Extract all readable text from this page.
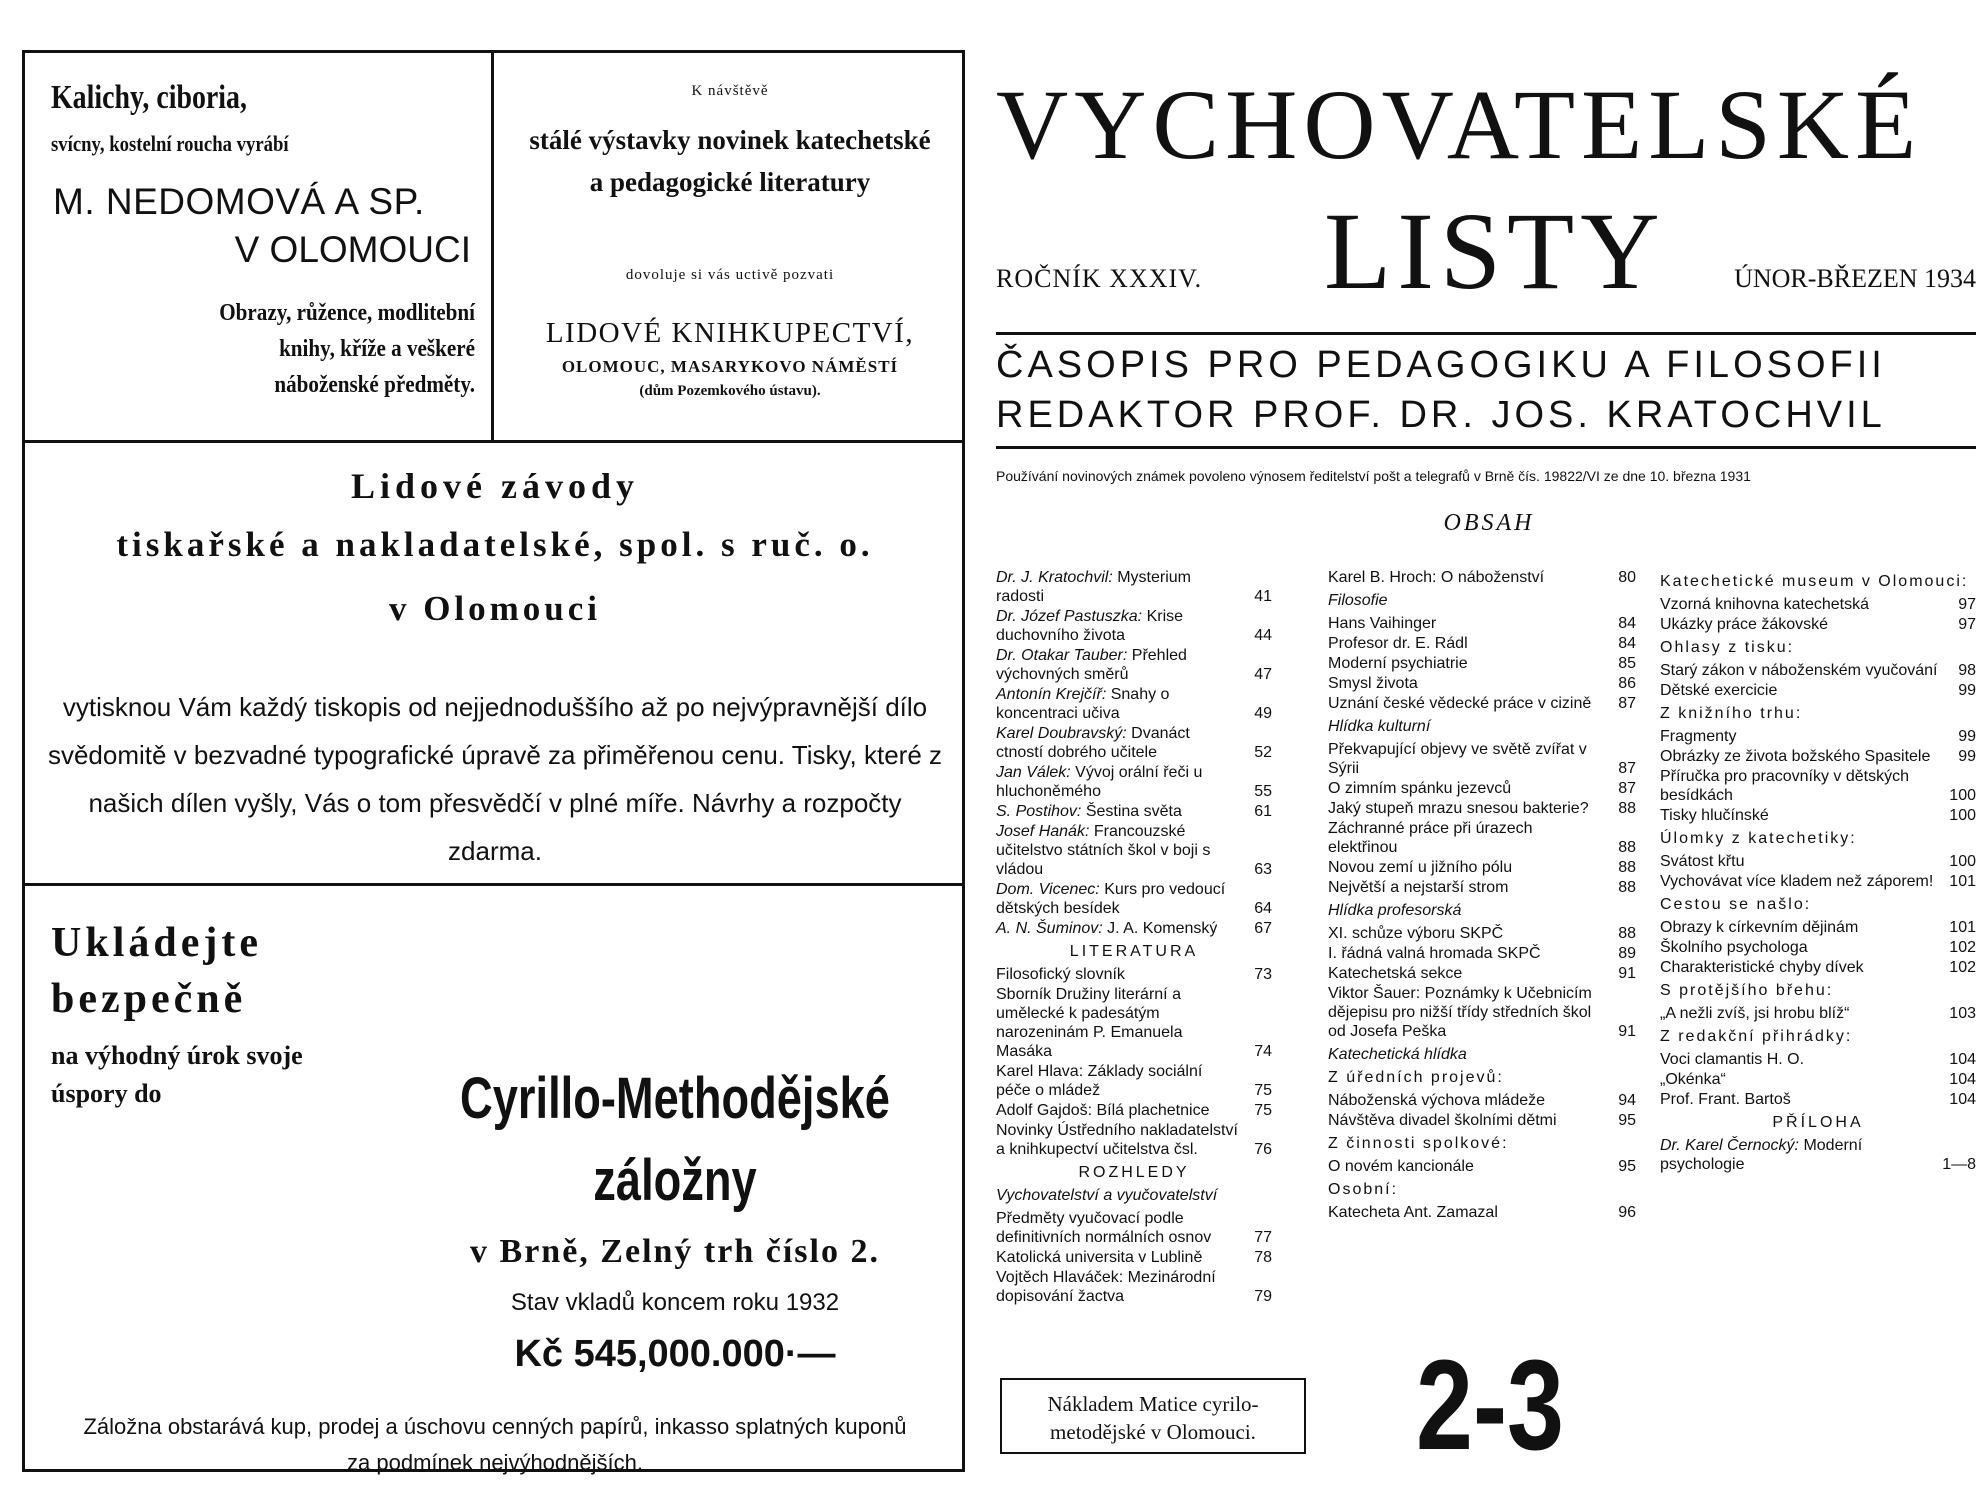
Kalichy, ciboria,

svícny, kostelní roucha vyrábí

M. NEDOMOVÁ A SP.

V OLOMOUCI

Obrazy, růžence, modlitební knihy, kříže a veškeré náboženské předměty.

K návštěvě

stálé výstavky novinek katechetské a pedagogické literatury

dovoluje si vás uctivě pozvati

LIDOVÉ KNIHKUPECTVÍ,

OLOMOUC, MASARYKOVO NÁMĚSTÍ

(dům Pozemkového ústavu).

Lidové závody

tiskařské a nakladatelské, spol. s ruč. o.

v Olomouci

vytisknou Vám každý tiskopis od nejjednoduššího až po nejvýpravnější dílo svědomitě v bezvadné typografické úpravě za přiměřenou cenu. Tisky, které z našich dílen vyšly, Vás o tom přesvědčí v plné míře. Návrhy a rozpočty zdarma.

Ukládejte bezpečně

na výhodný úrok svoje úspory do	Cyrillo-Methodějské

záložny

v Brně, Zelný trh číslo 2.

Stav vkladů koncem roku 1932

Kč 545,000.000·—

Záložna obstarává kup, prodej a úschovu cenných papírů, inkasso splatných kuponů za podmínek nejvýhodnějších.

VYCHOVATELSKÉ

LISTY

ROČNÍK XXXIV.	ÚNOR-BŘEZEN 1934

ČASOPIS PRO PEDAGOGIKU A FILOSOFII

REDAKTOR PROF. DR. JOS. KRATOCHVIL

Používání novinových známek povoleno výnosem ředitelství pošt a telegrafů v Brně čís. 19822/VI ze dne 10. března 1931

OBSAH

Dr. J. Kratochvil: Mysterium radosti	41
Dr. Józef Pastuszka: Krise duchovního života	44
Dr. Otakar Tauber: Přehled výchovných směrů	47
Antonín Krejčíř: Snahy o koncentraci učiva	49
Karel Doubravský: Dvanáct ctností dobrého učitele	52
Jan Válek: Vývoj orální řeči u hluchoněmého	55
S. Postihov: Šestina světa	61
Josef Hanák: Francouzské učitelstvo státních škol v boji s vládou	63
Dom. Vicenec: Kurs pro vedoucí dětských besídek	64
A. N. Šuminov: J. A. Komenský	67
LITERATURA
Filosofický slovník	73
Sborník Družiny literární a umělecké k padesátým narozeninám P. Emanuela Masáka	74
Karel Hlava: Základy sociální péče o mládež	75
Adolf Gajdoš: Bílá plachetnice	75
Novinky Ústředního nakladatelství a knihkupectví učitelstva čsl.	76
ROZHLEDY
Vychovatelství a vyučovatelství
Předměty vyučovací podle definitivních normálních osnov	77
Katolická universita v Lublině	78
Vojtěch Hlaváček: Mezinárodní dopisování žactva	79
Karel B. Hroch: O náboženství	80
Filosofie
Hans Vaihinger	84
Profesor dr. E. Rádl	84
Moderní psychiatrie	85
Smysl života	86
Uznání české vědecké práce v cizině	87
Hlídka kulturní
Překvapující objevy ve světě zvířat v Sýrii	87
O zimním spánku jezevců	87
Jaký stupeň mrazu snesou bakterie?	88
Záchranné práce při úrazech elektřinou	88
Novou zemí u jižního pólu	88
Největší a nejstarší strom	88
Hlídka profesorská
XI. schůze výboru SKPČ	88
I. řádná valná hromada SKPČ	89
Katechetská sekce	91
Viktor Šauer: Poznámky k Učebnicím dějepisu pro nižší třídy středních škol od Josefa Peška	91
Katechetická hlídka
Z úředních projevů:
Náboženská výchova mládeže	94
Návštěva divadel školními dětmi	95
Z činnosti spolkové:
O novém kancionále	95
Osobní:
Katecheta Ant. Zamazal	96
Katechetické museum v Olomouci:
Vzorná knihovna katechetská	97
Ukázky práce žákovské	97
Ohlasy z tisku:
Starý zákon v náboženském vyučování	98
Dětské exercicie	99
Z knižního trhu:
Fragmenty	99
Obrázky ze života božského Spasitele	99
Příručka pro pracovníky v dětských besídkách	100
Tisky hlučínské	100
Úlomky z katechetiky:
Svátost křtu	100
Vychovávat více kladem než záporem! 101
Cestou se našlo:
Obrazy k církevním dějinám	101
Školního psychologa	102
Charakteristické chyby dívek	102
S protějšího břehu:
„A nežli zvíš, jsi hrobu blíž“	103
Z redakční přihrádky:
Voci clamantis H. O.	104
„Okénka“	104
Prof. Frant. Bartoš	104
PŘÍLOHA
Dr. Karel Černocký: Moderní psychologie	1—8

Nákladem Matice cyrilo-metodějské v Olomouci.	2-3
